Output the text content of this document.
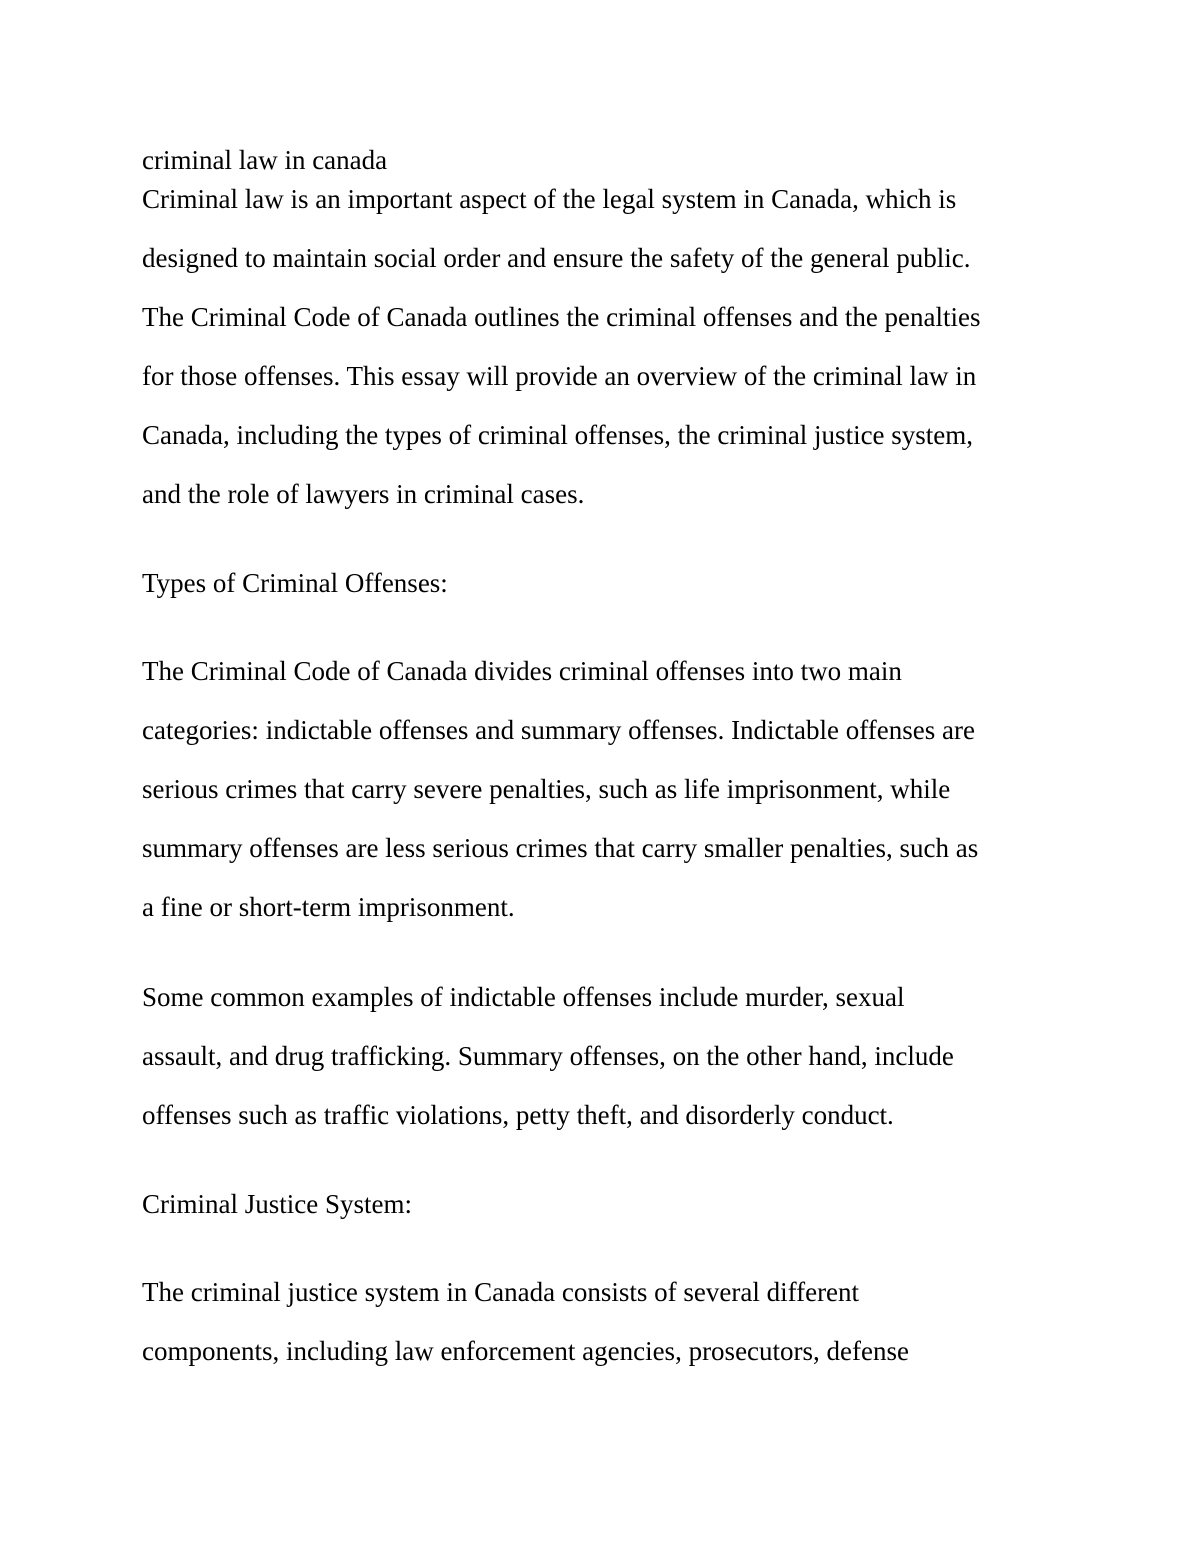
criminal law in canada
Criminal law is an important aspect of the legal system in Canada, which is
designed to maintain social order and ensure the safety of the general public.
The Criminal Code of Canada outlines the criminal offenses and the penalties
for those offenses. This essay will provide an overview of the criminal law in
Canada, including the types of criminal offenses, the criminal justice system,
and the role of lawyers in criminal cases.
Types of Criminal Offenses:
The Criminal Code of Canada divides criminal offenses into two main
categories: indictable offenses and summary offenses. Indictable offenses are
serious crimes that carry severe penalties, such as life imprisonment, while
summary offenses are less serious crimes that carry smaller penalties, such as
a fine or short-term imprisonment.
Some common examples of indictable offenses include murder, sexual
assault, and drug trafficking. Summary offenses, on the other hand, include
offenses such as traffic violations, petty theft, and disorderly conduct.
Criminal Justice System:
The criminal justice system in Canada consists of several different
components, including law enforcement agencies, prosecutors, defense
